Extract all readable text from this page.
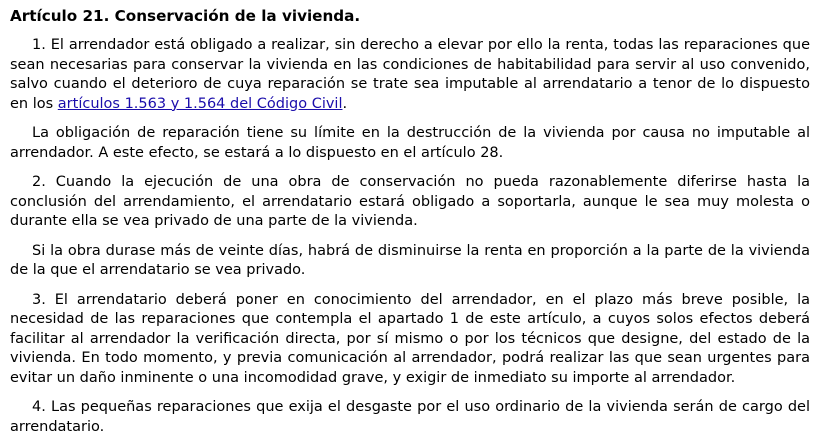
Artículo 21. Conservación de la vivienda.

1. El arrendador está obligado a realizar, sin derecho a elevar por ello la renta, todas las reparaciones que sean necesarias para conservar la vivienda en las condiciones de habitabilidad para servir al uso convenido, salvo cuando el deterioro de cuya reparación se trate sea imputable al arrendatario a tenor de lo dispuesto en los artículos 1.563 y 1.564 del Código Civil.

La obligación de reparación tiene su límite en la destrucción de la vivienda por causa no imputable al arrendador. A este efecto, se estará a lo dispuesto en el artículo 28.

2. Cuando la ejecución de una obra de conservación no pueda razonablemente diferirse hasta la conclusión del arrendamiento, el arrendatario estará obligado a soportarla, aunque le sea muy molesta o durante ella se vea privado de una parte de la vivienda.

Si la obra durase más de veinte días, habrá de disminuirse la renta en proporción a la parte de la vivienda de la que el arrendatario se vea privado.

3. El arrendatario deberá poner en conocimiento del arrendador, en el plazo más breve posible, la necesidad de las reparaciones que contempla el apartado 1 de este artículo, a cuyos solos efectos deberá facilitar al arrendador la verificación directa, por sí mismo o por los técnicos que designe, del estado de la vivienda. En todo momento, y previa comunicación al arrendador, podrá realizar las que sean urgentes para evitar un daño inminente o una incomodidad grave, y exigir de inmediato su importe al arrendador.

4. Las pequeñas reparaciones que exija el desgaste por el uso ordinario de la vivienda serán de cargo del arrendatario.
